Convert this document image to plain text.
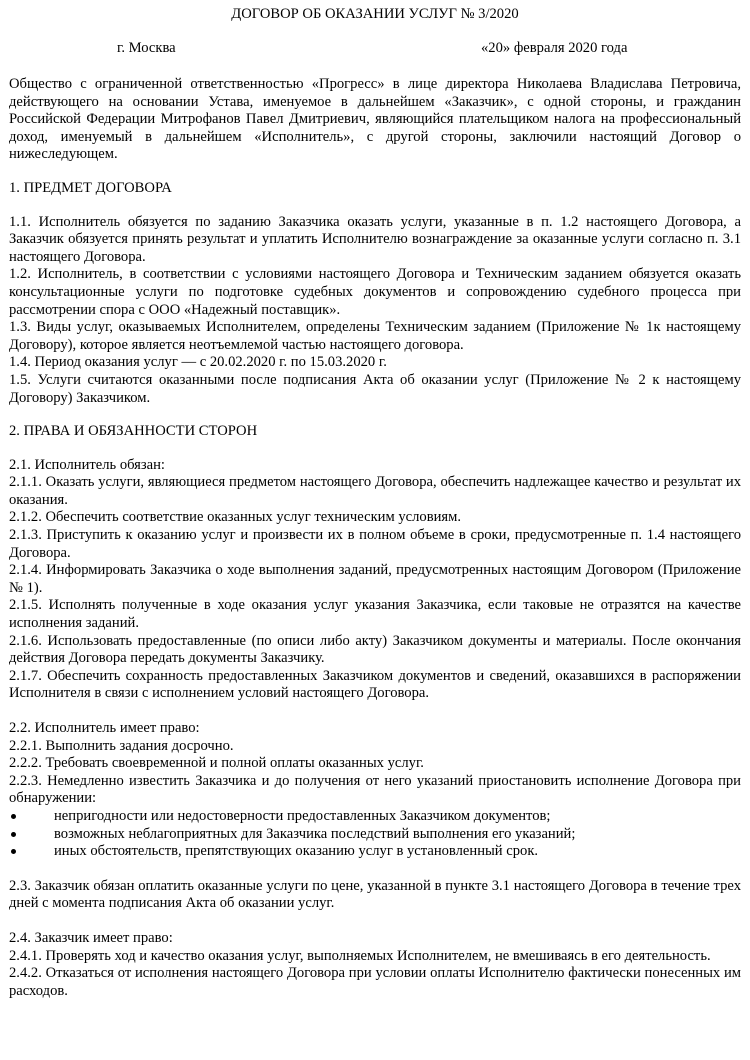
ДОГОВОР ОБ ОКАЗАНИИ УСЛУГ № 3/2020

г. Москва	«20» февраля 2020 года

Общество с ограниченной ответственностью «Прогресс» в лице директора Николаева Владислава Петровича, действующего на основании Устава, именуемое в дальнейшем «Заказчик», с одной стороны, и гражданин Российской Федерации Митрофанов Павел Дмитриевич, являющийся плательщиком налога на профессиональный доход, именуемый в дальнейшем «Исполнитель», с другой стороны, заключили настоящий Договор о нижеследующем.

1. ПРЕДМЕТ ДОГОВОРА

1.1. Исполнитель обязуется по заданию Заказчика оказать услуги, указанные в п. 1.2 настоящего Договора, а Заказчик обязуется принять результат и уплатить Исполнителю вознаграждение за оказанные услуги согласно п. 3.1 настоящего Договора.

1.2. Исполнитель, в соответствии с условиями настоящего Договора и Техническим заданием обязуется оказать консультационные услуги по подготовке судебных документов и сопровождению судебного процесса при рассмотрении спора с ООО «Надежный поставщик».

1.3. Виды услуг, оказываемых Исполнителем, определены Техническим заданием (Приложение № 1к настоящему Договору), которое является неотъемлемой частью настоящего договора.

1.4. Период оказания услуг — с 20.02.2020 г. по 15.03.2020 г.

1.5. Услуги считаются оказанными после подписания Акта об оказании услуг (Приложение № 2 к настоящему Договору) Заказчиком.

2. ПРАВА И ОБЯЗАННОСТИ СТОРОН

2.1. Исполнитель обязан:

2.1.1. Оказать услуги, являющиеся предметом настоящего Договора, обеспечить надлежащее качество и результат их оказания.

2.1.2. Обеспечить соответствие оказанных услуг техническим условиям.

2.1.3. Приступить к оказанию услуг и произвести их в полном объеме в сроки, предусмотренные п. 1.4 настоящего Договора.

2.1.4. Информировать Заказчика о ходе выполнения заданий, предусмотренных настоящим Договором (Приложение № 1).

2.1.5. Исполнять полученные в ходе оказания услуг указания Заказчика, если таковые не отразятся на качестве исполнения заданий.

2.1.6. Использовать предоставленные (по описи либо акту) Заказчиком документы и материалы. После окончания действия Договора передать документы Заказчику.

2.1.7. Обеспечить сохранность предоставленных Заказчиком документов и сведений, оказавшихся в распоряжении Исполнителя в связи с исполнением условий настоящего Договора.

2.2. Исполнитель имеет право:

2.2.1. Выполнить задания досрочно.

2.2.2. Требовать своевременной и полной оплаты оказанных услуг.

2.2.3. Немедленно известить Заказчика и до получения от него указаний приостановить исполнение Договора при обнаружении:

непригодности или недостоверности предоставленных Заказчиком документов;
возможных неблагоприятных для Заказчика последствий выполнения его указаний;
иных обстоятельств, препятствующих оказанию услуг в установленный срок.

2.3. Заказчик обязан оплатить оказанные услуги по цене, указанной в пункте 3.1 настоящего Договора в течение трех дней с момента подписания Акта об оказании услуг.

2.4. Заказчик имеет право:

2.4.1. Проверять ход и качество оказания услуг, выполняемых Исполнителем, не вмешиваясь в его деятельность.

2.4.2. Отказаться от исполнения настоящего Договора при условии оплаты Исполнителю фактически понесенных им расходов.
